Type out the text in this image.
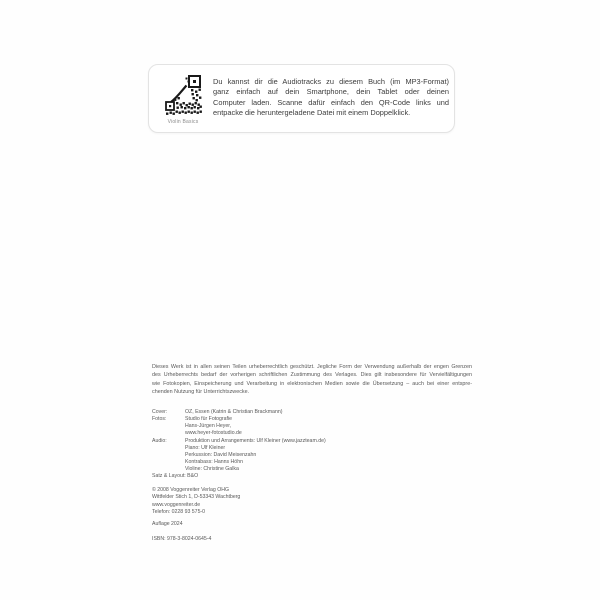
Violin Basics
Du kannst dir die Audiotracks zu diesem Buch (im MP3-Format)
ganz einfach auf dein Smartphone, dein Tablet oder deinen
Computer laden. Scanne dafür einfach den QR-Code links und
entpacke die heruntergeladene Datei mit einem Doppelklick.
Dieses Werk ist in allen seinen Teilen urheberrechtlich geschützt. Jegliche Form der Verwendung außerhalb der engen Grenzen
des Urheberrechts bedarf der vorherigen schriftlichen Zustimmung des Verlages. Dies gilt insbesondere für Vervielfältigungen
wie Fotokopien, Einspeicherung und Verarbeitung in elektronischen Medien sowie die Übersetzung – auch bei einer entspre-
chenden Nutzung für Unterrichtszwecke.
Cover:	OZ, Essen (Katrin & Christian Brackmann)
Fotos:	Studio für Fotografie
Hans-Jürgen Heyer,
www.heyer-fotostudio.de
Audio:	Produktion und Arrangements: Ulf Kleiner (www.jazzteam.de)
Piano: Ulf Kleiner
Perkussion: David Meisenzahn
Kontrabass: Hanns Höhn
Violine: Christine Galka
Satz & Layout: B&O
© 2008 Voggenreiter Verlag OHG
Wittfelder Stich 1, D-53343 Wachtberg
www.voggenreiter.de
Telefon: 0228 93 575-0
Auflage 2024
ISBN: 978-3-8024-0645-4
